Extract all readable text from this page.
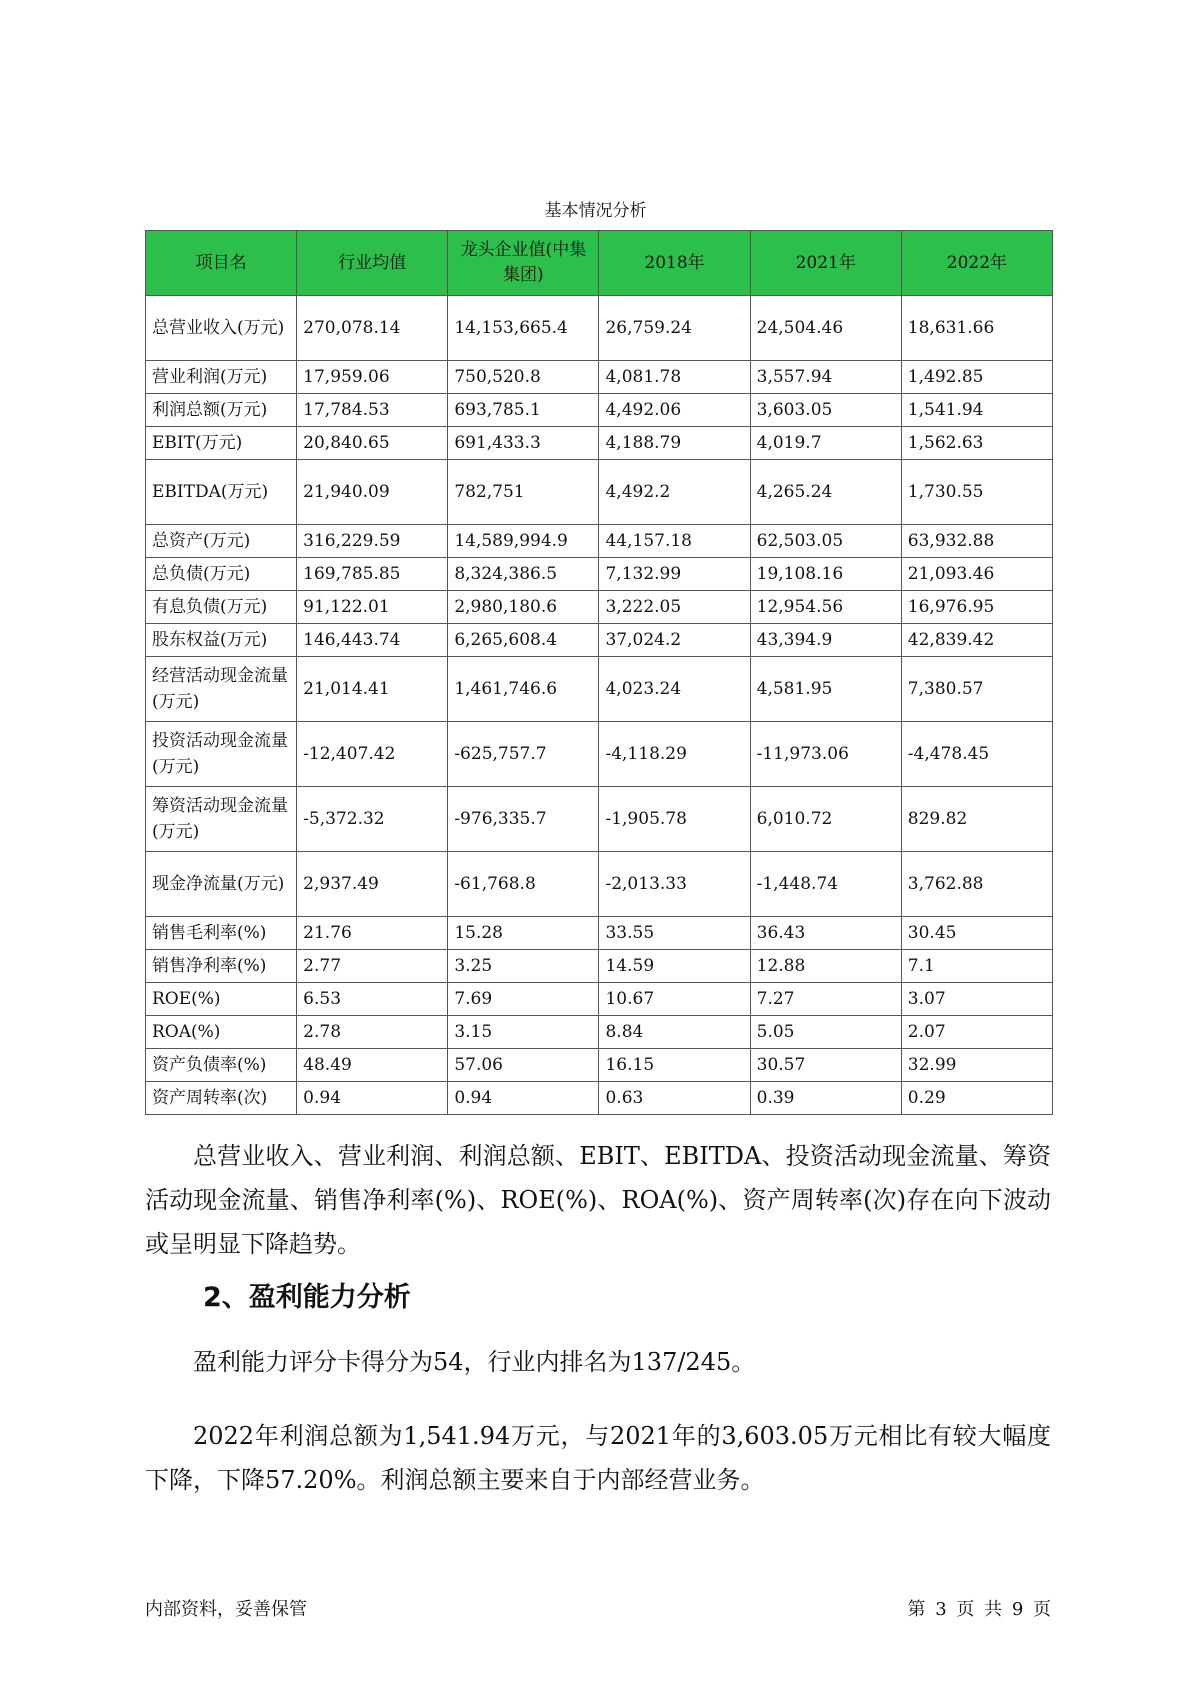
基本情况分析
项目名	行业均值	龙头企业值(中集集团)	2018年	2021年	2022年
总营业收入(万元)	270,078.14	14,153,665.4	26,759.24	24,504.46	18,631.66
营业利润(万元)	17,959.06	750,520.8	4,081.78	3,557.94	1,492.85
利润总额(万元)	17,784.53	693,785.1	4,492.06	3,603.05	1,541.94
EBIT(万元)	20,840.65	691,433.3	4,188.79	4,019.7	1,562.63
EBITDA(万元)	21,940.09	782,751	4,492.2	4,265.24	1,730.55
总资产(万元)	316,229.59	14,589,994.9	44,157.18	62,503.05	63,932.88
总负债(万元)	169,785.85	8,324,386.5	7,132.99	19,108.16	21,093.46
有息负债(万元)	91,122.01	2,980,180.6	3,222.05	12,954.56	16,976.95
股东权益(万元)	146,443.74	6,265,608.4	37,024.2	43,394.9	42,839.42
经营活动现金流量(万元)	21,014.41	1,461,746.6	4,023.24	4,581.95	7,380.57
投资活动现金流量(万元)	-12,407.42	-625,757.7	-4,118.29	-11,973.06	-4,478.45
筹资活动现金流量(万元)	-5,372.32	-976,335.7	-1,905.78	6,010.72	829.82
现金净流量(万元)	2,937.49	-61,768.8	-2,013.33	-1,448.74	3,762.88
销售毛利率(%)	21.76	15.28	33.55	36.43	30.45
销售净利率(%)	2.77	3.25	14.59	12.88	7.1
ROE(%)	6.53	7.69	10.67	7.27	3.07
ROA(%)	2.78	3.15	8.84	5.05	2.07
资产负债率(%)	48.49	57.06	16.15	30.57	32.99
资产周转率(次)	0.94	0.94	0.63	0.39	0.29
总营业收入、营业利润、利润总额、EBIT、EBITDA、投资活动现金流量、筹资活动现金流量、销售净利率(%)、ROE(%)、ROA(%)、资产周转率(次)存在向下波动或呈明显下降趋势。
2、盈利能力分析
盈利能力评分卡得分为54，行业内排名为137/245。
2022年利润总额为1,541.94万元，与2021年的3,603.05万元相比有较大幅度下降，下降57.20%。利润总额主要来自于内部经营业务。
内部资料，妥善保管	第 3 页 共 9 页
